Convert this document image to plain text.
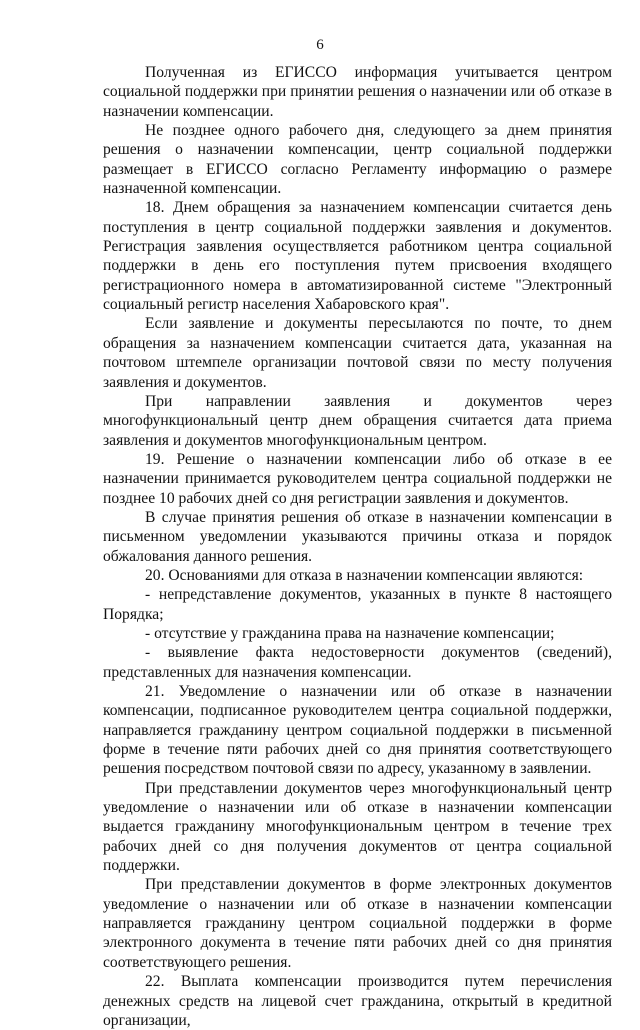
6

Полученная из ЕГИССО информация учитывается центром социальной поддержки при принятии решения о назначении или об отказе в назначении компенсации.

Не позднее одного рабочего дня, следующего за днем принятия решения о назначении компенсации, центр социальной поддержки размещает в ЕГИССО согласно Регламенту информацию о размере назначенной компенсации.

18. Днем обращения за назначением компенсации считается день поступления в центр социальной поддержки заявления и документов. Регистрация заявления осуществляется работником центра социальной поддержки в день его поступления путем присвоения входящего регистрационного номера в автоматизированной системе "Электронный социальный регистр населения Хабаровского края".

Если заявление и документы пересылаются по почте, то днем обращения за назначением компенсации считается дата, указанная на почтовом штемпеле организации почтовой связи по месту получения заявления и документов.

При направлении заявления и документов через многофункциональный центр днем обращения считается дата приема заявления и документов многофункциональным центром.

19. Решение о назначении компенсации либо об отказе в ее назначении принимается руководителем центра социальной поддержки не позднее 10 рабочих дней со дня регистрации заявления и документов.

В случае принятия решения об отказе в назначении компенсации в письменном уведомлении указываются причины отказа и порядок обжалования данного решения.

20. Основаниями для отказа в назначении компенсации являются:

- непредставление документов, указанных в пункте 8 настоящего Порядка;

- отсутствие у гражданина права на назначение компенсации;

- выявление факта недостоверности документов (сведений), представленных для назначения компенсации.

21. Уведомление о назначении или об отказе в назначении компенсации, подписанное руководителем центра социальной поддержки, направляется гражданину центром социальной поддержки в письменной форме в течение пяти рабочих дней со дня принятия соответствующего решения посредством почтовой связи по адресу, указанному в заявлении.

При представлении документов через многофункциональный центр уведомление о назначении или об отказе в назначении компенсации выдается гражданину многофункциональным центром в течение трех рабочих дней со дня получения документов от центра социальной поддержки.

При представлении документов в форме электронных документов уведомление о назначении или об отказе в назначении компенсации направляется гражданину центром социальной поддержки в форме электронного документа в течение пяти рабочих дней со дня принятия соответствующего решения.

22. Выплата компенсации производится путем перечисления денежных средств на лицевой счет гражданина, открытый в кредитной организации,
